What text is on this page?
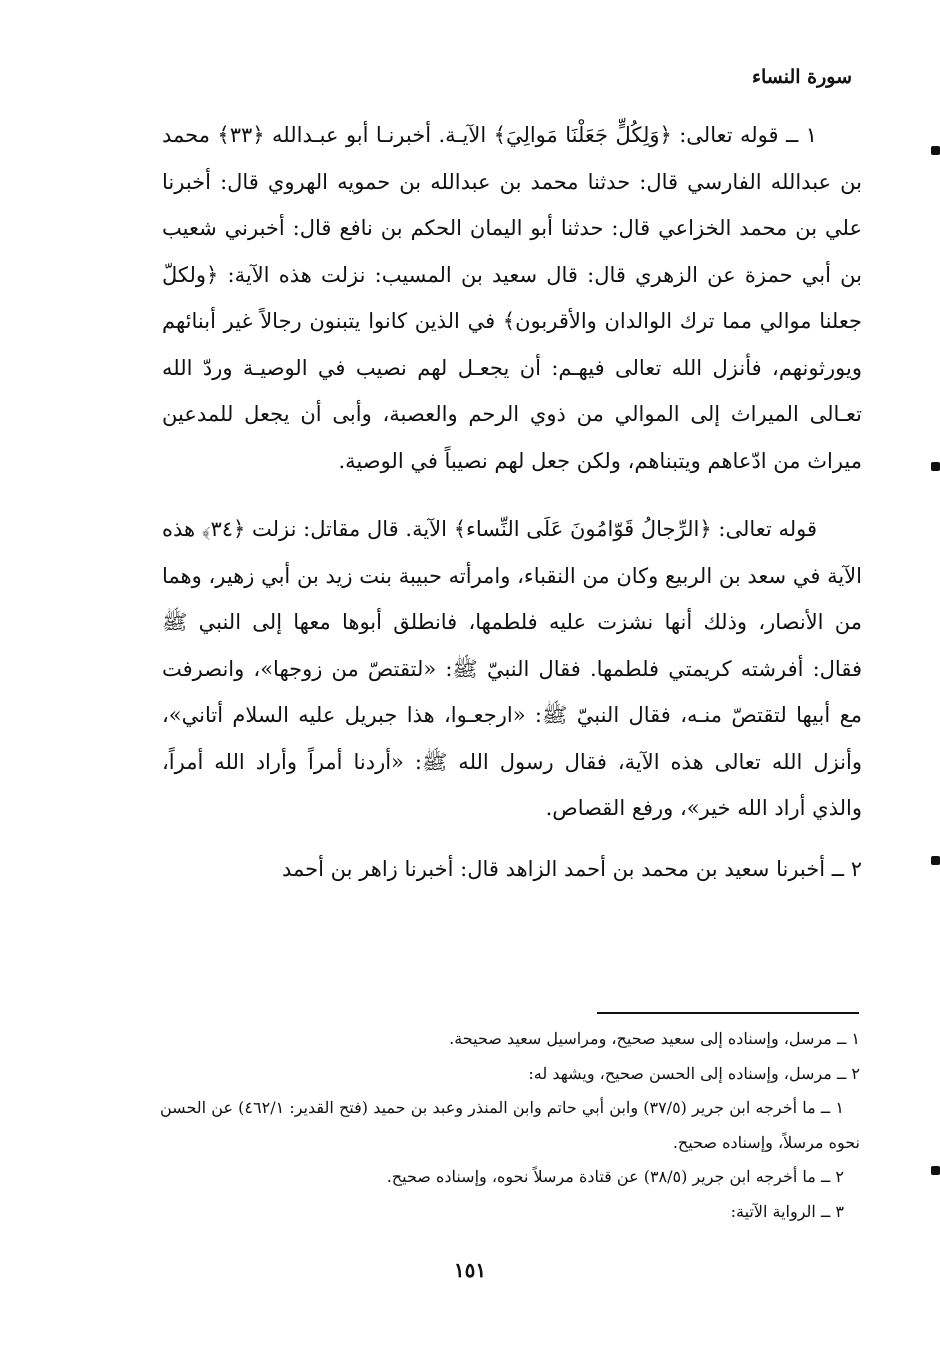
سورة النساء

١ ــ قوله تعالى: ﴿وَلِكُلٍّ جَعَلْنَا مَوالِيَ﴾ الآيـة. أخبرنـا أبو عبـدالله ﴿٣٣﴾ محمد بن عبدالله الفارسي قال: حدثنا محمد بن عبدالله بن حمويه الهروي قال: أخبرنا علي بن محمد الخزاعي قال: حدثنا أبو اليمان الحكم بن نافع قال: أخبرني شعيب بن أبي حمزة عن الزهري قال: قال سعيد بن المسيب: نزلت هذه الآية: ﴿ولكلّ جعلنا موالي مما ترك الوالدان والأقربون﴾ في الذين كانوا يتبنون رجالاً غير أبنائهم ويورثونهم، فأنزل الله تعالى فيهـم: أن يجعـل لهم نصيب في الوصيـة وردّ الله تعـالى الميراث إلى الموالي من ذوي الرحم والعصبة، وأبى أن يجعل للمدعين ميراث من ادّعاهم ويتبناهم، ولكن جعل لهم نصيباً في الوصية.

قوله تعالى: ﴿الرِّجالُ قَوّامُونَ عَلَى النِّساء﴾ الآية. قال مقاتل: نزلت ﴿٣٤﴾ هذه الآية في سعد بن الربيع وكان من النقباء، وامرأته حبيبة بنت زيد بن أبي زهير، وهما من الأنصار، وذلك أنها نشزت عليه فلطمها، فانطلق أبوها معها إلى النبي ﷺ فقال: أفرشته كريمتي فلطمها. فقال النبيّ ﷺ: «لتقتصّ من زوجها»، وانصرفت مع أبيها لتقتصّ منـه، فقال النبيّ ﷺ: «ارجعـوا، هذا جبريل عليه السلام أتاني»، وأنزل الله تعالى هذه الآية، فقال رسول الله ﷺ: «أردنا أمراً وأراد الله أمراً، والذي أراد الله خير»، ورفع القصاص.

٢ ــ أخبرنا سعيد بن محمد بن أحمد الزاهد قال: أخبرنا زاهر بن أحمد

١ ــ مرسل، وإسناده إلى سعيد صحيح، ومراسيل سعيد صحيحة.

٢ ــ مرسل، وإسناده إلى الحسن صحيح، ويشهد له:

١ ــ ما أخرجه ابن جرير (٣٧/٥) وابن أبي حاتم وابن المنذر وعبد بن حميد (فتح القدير: ٤٦٢/١) عن الحسن نحوه مرسلاً، وإسناده صحيح.

٢ ــ ما أخرجه ابن جرير (٣٨/٥) عن قتادة مرسلاً نحوه، وإسناده صحيح.

٣ ــ الرواية الآتية:

١٥١
